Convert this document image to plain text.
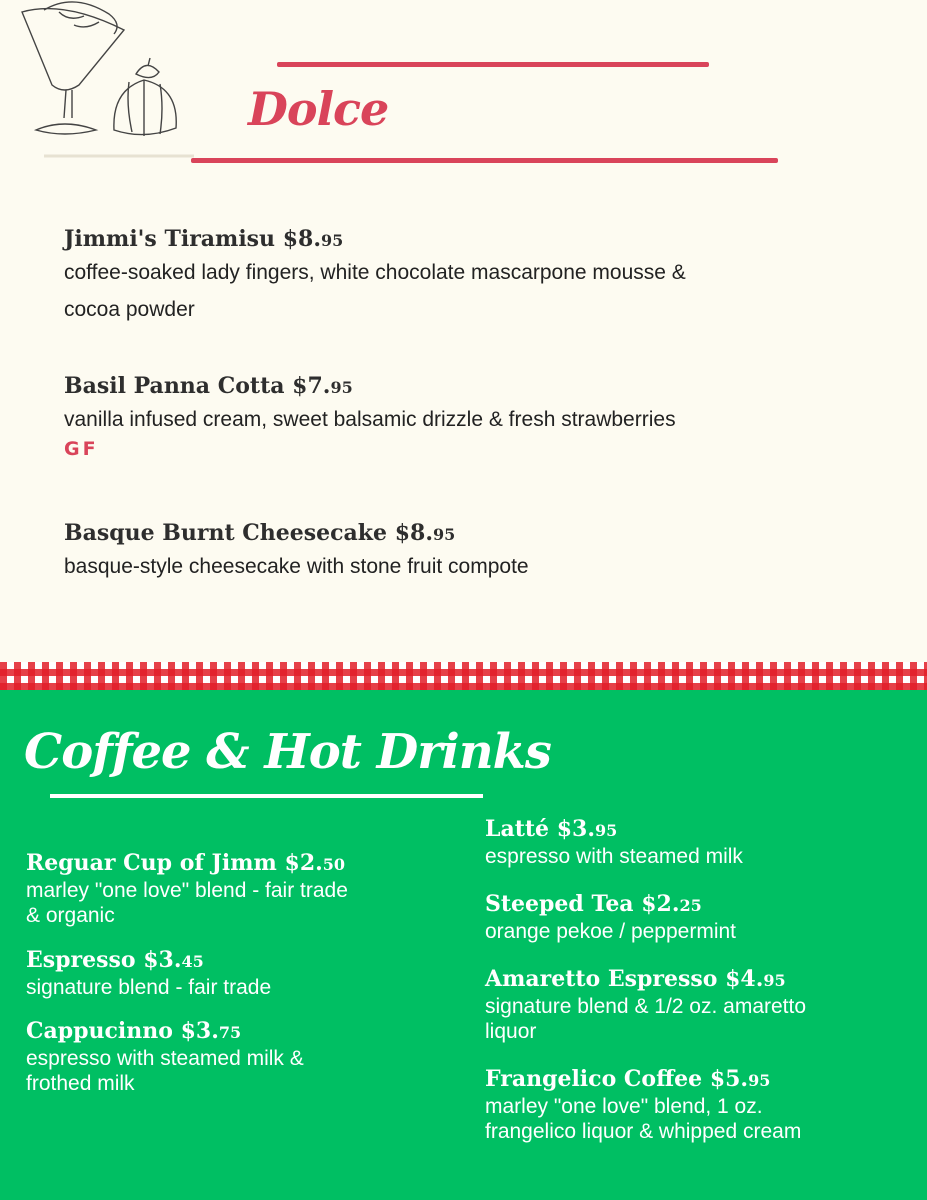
Dolce
Jimmi's Tiramisu $8.95
coffee-soaked lady fingers, white chocolate mascarpone mousse &
cocoa powder
Basil Panna Cotta $7.95
vanilla infused cream, sweet balsamic drizzle & fresh strawberries
GF
Basque Burnt Cheesecake $8.95
basque-style cheesecake with stone fruit compote
Coffee & Hot Drinks
Reguar Cup of Jimm $2.50
marley "one love" blend - fair trade
& organic
Espresso $3.45
signature blend - fair trade
Cappucinno $3.75
espresso with steamed milk &
frothed milk
Latté $3.95
espresso with steamed milk
Steeped Tea $2.25
orange pekoe / peppermint
Amaretto Espresso $4.95
signature blend & 1/2 oz. amaretto
liquor
Frangelico Coffee $5.95
marley "one love" blend, 1 oz.
frangelico liquor & whipped cream
